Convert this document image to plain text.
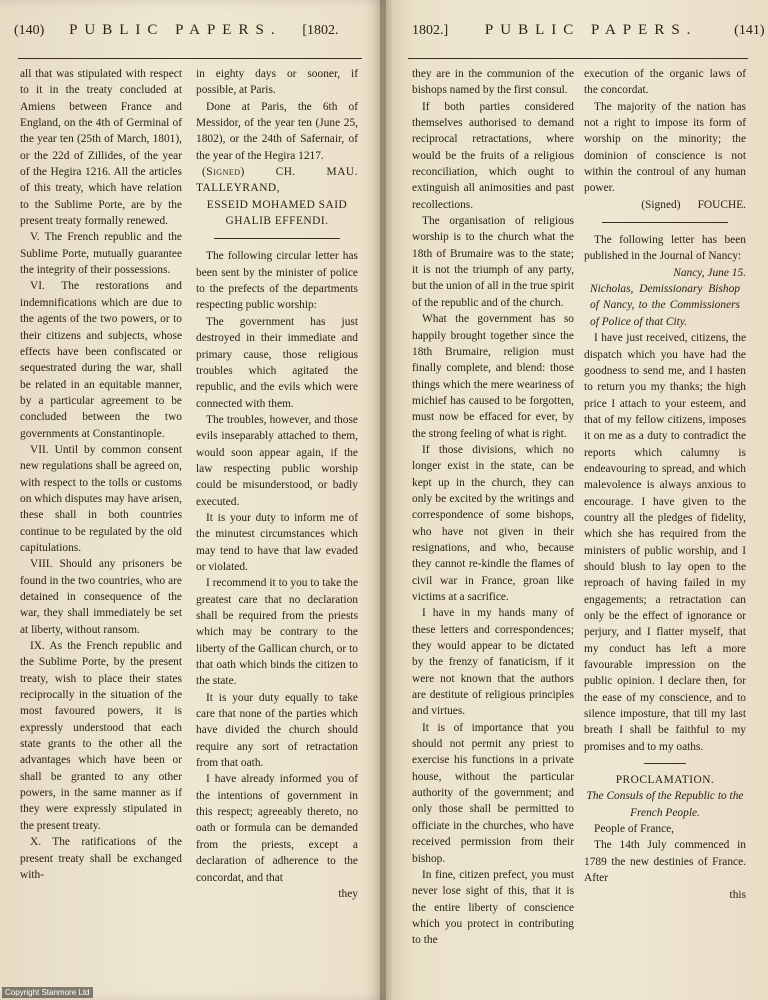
(140) PUBLIC PAPERS. [1802.

all that was stipulated with respect to it in the treaty concluded at Amiens between France and England, on the 4th of Germinal of the year ten (25th of March, 1801), or the 22d of Zillides, of the year of the Hegira 1216. All the articles of this treaty, which have relation to the Sublime Porte, are by the present treaty formally renewed.

V. The French republic and the Sublime Porte, mutually guarantee the integrity of their possessions.

VI. The restorations and indemnifications which are due to the agents of the two powers, or to their citizens and subjects, whose effects have been confiscated or sequestrated during the war, shall be related in an equitable manner, by a particular agreement to be concluded between the two governments at Constantinople.

VII. Until by common consent new regulations shall be agreed on, with respect to the tolls or customs on which disputes may have arisen, these shall in both countries continue to be regulated by the old capitulations.

VIII. Should any prisoners be found in the two countries, who are detained in consequence of the war, they shall immediately be set at liberty, without ransom.

IX. As the French republic and the Sublime Porte, by the present treaty, wish to place their states reciprocally in the situation of the most favoured powers, it is expressly understood that each state grants to the other all the advantages which have been or shall be granted to any other powers, in the same manner as if they were expressly stipulated in the present treaty.

X. The ratifications of the present treaty shall be exchanged with-

in eighty days or sooner, if possible, at Paris.

Done at Paris, the 6th of Messidor, of the year ten (June 25, 1802), or the 24th of Safernair, of the year of the Hegira 1217.

(Signed) CH. MAU. TALLEYRAND,

ESSEID MOHAMED SAID

GHALIB EFFENDI.

The following circular letter has been sent by the minister of police to the prefects of the departments respecting public worship:

The government has just destroyed in their immediate and primary cause, those religious troubles which agitated the republic, and the evils which were connected with them.

The troubles, however, and those evils inseparably attached to them, would soon appear again, if the law respecting public worship could be misunderstood, or badly executed.

It is your duty to inform me of the minutest circumstances which may tend to have that law evaded or violated.

I recommend it to you to take the greatest care that no declaration shall be required from the priests which may be contrary to the liberty of the Gallican church, or to that oath which binds the citizen to the state.

It is your duty equally to take care that none of the parties which have divided the church should require any sort of retractation from that oath.

I have already informed you of the intentions of government in this respect; agreeably thereto, no oath or formula can be demanded from the priests, except a declaration of adherence to the concordat, and that

they

1802.] PUBLIC PAPERS.	(141)

they are in the communion of the bishops named by the first consul.

If both parties considered themselves authorised to demand reciprocal retractations, where would be the fruits of a religious reconciliation, which ought to extinguish all animosities and past recollections.

The organisation of religious worship is to the church what the 18th of Brumaire was to the state; it is not the triumph of any party, but the union of all in the true spirit of the republic and of the church.

What the government has so happily brought together since the 18th Brumaire, religion must finally complete, and blend: those things which the mere weariness of michief has caused to be forgotten, must now be effaced for ever, by the strong feeling of what is right.

If those divisions, which no longer exist in the state, can be kept up in the church, they can only be excited by the writings and correspondence of some bishops, who have not given in their resignations, and who, because they cannot re-kindle the flames of civil war in France, groan like victims at a sacrifice.

I have in my hands many of these letters and correspondences; they would appear to be dictated by the frenzy of fanaticism, if it were not known that the authors are destitute of religious principles and virtues.

It is of importance that you should not permit any priest to exercise his functions in a private house, without the particular authority of the government; and only those shall be permitted to officiate in the churches, who have received permission from their bishop.

In fine, citizen prefect, you must never lose sight of this, that it is the entire liberty of conscience which you protect in contributing to the

execution of the organic laws of the concordat.

The majority of the nation has not a right to impose its form of worship on the minority; the dominion of conscience is not within the controul of any human power.

(Signed)      FOUCHE.

The following letter has been published in the Journal of Nancy:

Nancy, June 15.

Nicholas, Demissionary Bishop of Nancy, to the Commissioners of Police of that City.

I have just received, citizens, the dispatch which you have had the goodness to send me, and I hasten to return you my thanks; the high price I attach to your esteem, and that of my fellow citizens, imposes it on me as a duty to contradict the reports which calumny is endeavouring to spread, and which malevolence is always anxious to encourage. I have given to the country all the pledges of fidelity, which she has required from the ministers of public worship, and I should blush to lay open to the reproach of having failed in my engagements; a retractation can only be the effect of ignorance or perjury, and I flatter myself, that my conduct has left a more favourable impression on the public opinion. I declare then, for the ease of my conscience, and to silence imposture, that till my last breath I shall be faithful to my promises and to my oaths.

PROCLAMATION.

The Consuls of the Republic to the French People.

People of France,

The 14th July commenced in 1789 the new destinies of France. After

this

Copyright Stanmore Ltd
